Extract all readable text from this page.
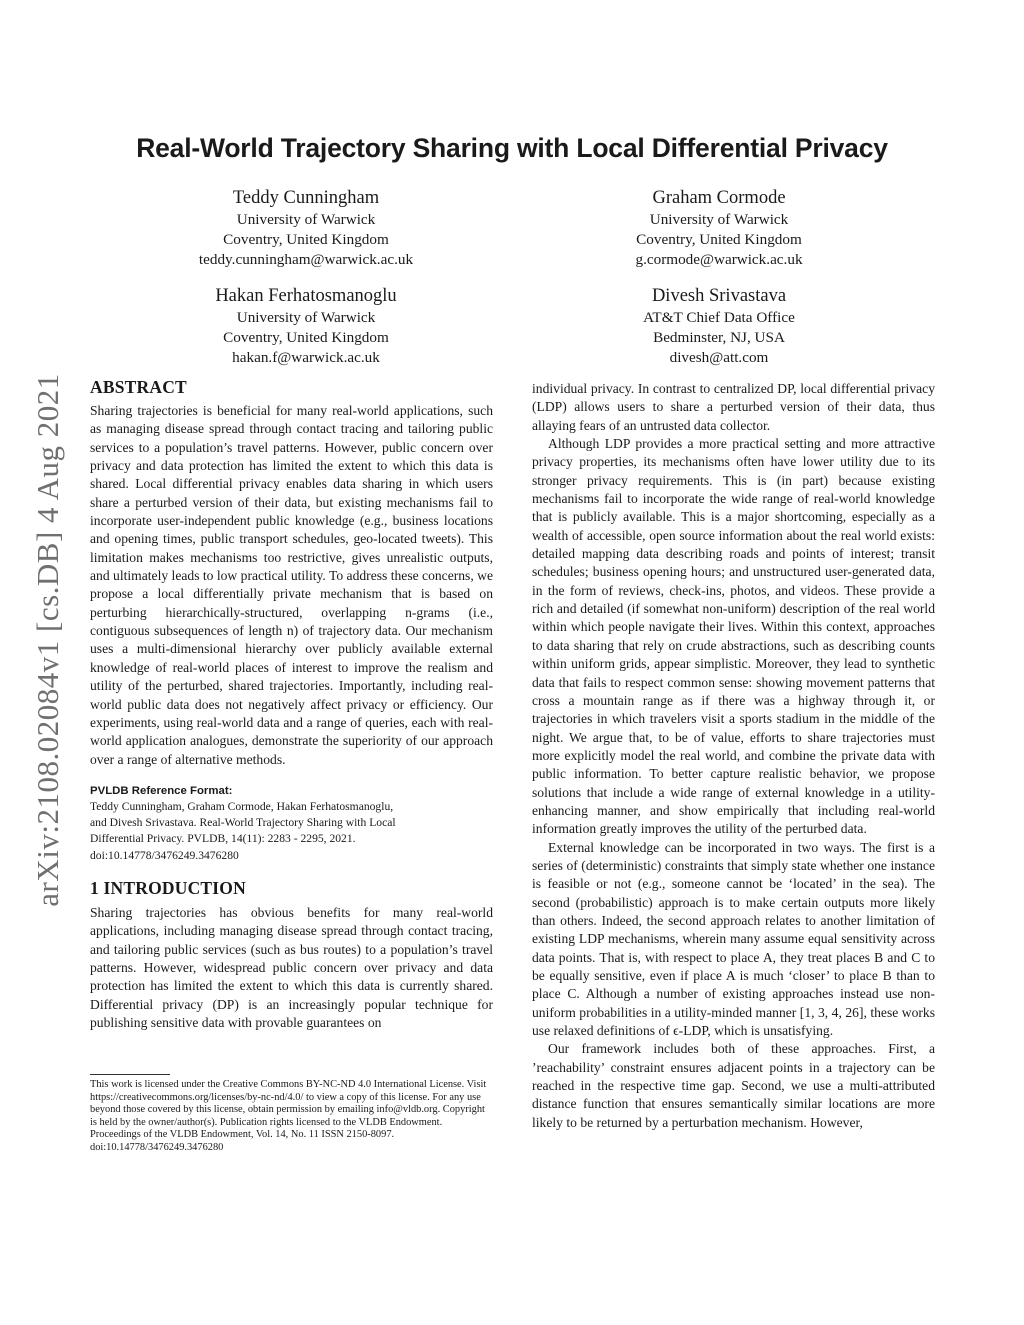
arXiv:2108.02084v1 [cs.DB] 4 Aug 2021
Real-World Trajectory Sharing with Local Differential Privacy
Teddy Cunningham
University of Warwick
Coventry, United Kingdom
teddy.cunningham@warwick.ac.uk
Graham Cormode
University of Warwick
Coventry, United Kingdom
g.cormode@warwick.ac.uk
Hakan Ferhatosmanoglu
University of Warwick
Coventry, United Kingdom
hakan.f@warwick.ac.uk
Divesh Srivastava
AT&T Chief Data Office
Bedminster, NJ, USA
divesh@att.com
ABSTRACT

Sharing trajectories is beneficial for many real-world applications, such as managing disease spread through contact tracing and tailoring public services to a population’s travel patterns. However, public concern over privacy and data protection has limited the extent to which this data is shared. Local differential privacy enables data sharing in which users share a perturbed version of their data, but existing mechanisms fail to incorporate user-independent public knowledge (e.g., business locations and opening times, public transport schedules, geo-located tweets). This limitation makes mechanisms too restrictive, gives unrealistic outputs, and ultimately leads to low practical utility. To address these concerns, we propose a local differentially private mechanism that is based on perturbing hierarchically-structured, overlapping n-grams (i.e., contiguous subsequences of length n) of trajectory data. Our mechanism uses a multi-dimensional hierarchy over publicly available external knowledge of real-world places of interest to improve the realism and utility of the perturbed, shared trajectories. Importantly, including real-world public data does not negatively affect privacy or efficiency. Our experiments, using real-world data and a range of queries, each with real-world application analogues, demonstrate the superiority of our approach over a range of alternative methods.

PVLDB Reference Format:
Teddy Cunningham, Graham Cormode, Hakan Ferhatosmanoglu,
and Divesh Srivastava. Real-World Trajectory Sharing with Local
Differential Privacy. PVLDB, 14(11): 2283 - 2295, 2021.
doi:10.14778/3476249.3476280
1 INTRODUCTION

Sharing trajectories has obvious benefits for many real-world applications, including managing disease spread through contact tracing, and tailoring public services (such as bus routes) to a population’s travel patterns. However, widespread public concern over privacy and data protection has limited the extent to which this data is currently shared. Differential privacy (DP) is an increasingly popular technique for publishing sensitive data with provable guarantees on

This work is licensed under the Creative Commons BY-NC-ND 4.0 International License. Visit https://creativecommons.org/licenses/by-nc-nd/4.0/ to view a copy of this license. For any use beyond those covered by this license, obtain permission by emailing info@vldb.org. Copyright is held by the owner/author(s). Publication rights licensed to the VLDB Endowment.

Proceedings of the VLDB Endowment, Vol. 14, No. 11 ISSN 2150-8097.

doi:10.14778/3476249.3476280

individual privacy. In contrast to centralized DP, local differential privacy (LDP) allows users to share a perturbed version of their data, thus allaying fears of an untrusted data collector.

Although LDP provides a more practical setting and more attractive privacy properties, its mechanisms often have lower utility due to its stronger privacy requirements. This is (in part) because existing mechanisms fail to incorporate the wide range of real-world knowledge that is publicly available. This is a major shortcoming, especially as a wealth of accessible, open source information about the real world exists: detailed mapping data describing roads and points of interest; transit schedules; business opening hours; and unstructured user-generated data, in the form of reviews, check-ins, photos, and videos. These provide a rich and detailed (if somewhat non-uniform) description of the real world within which people navigate their lives. Within this context, approaches to data sharing that rely on crude abstractions, such as describing counts within uniform grids, appear simplistic. Moreover, they lead to synthetic data that fails to respect common sense: showing movement patterns that cross a mountain range as if there was a highway through it, or trajectories in which travelers visit a sports stadium in the middle of the night. We argue that, to be of value, efforts to share trajectories must more explicitly model the real world, and combine the private data with public information. To better capture realistic behavior, we propose solutions that include a wide range of external knowledge in a utility-enhancing manner, and show empirically that including real-world information greatly improves the utility of the perturbed data.

External knowledge can be incorporated in two ways. The first is a series of (deterministic) constraints that simply state whether one instance is feasible or not (e.g., someone cannot be ‘located’ in the sea). The second (probabilistic) approach is to make certain outputs more likely than others. Indeed, the second approach relates to another limitation of existing LDP mechanisms, wherein many assume equal sensitivity across data points. That is, with respect to place A, they treat places B and C to be equally sensitive, even if place A is much ‘closer’ to place B than to place C. Although a number of existing approaches instead use non-uniform probabilities in a utility-minded manner [1, 3, 4, 26], these works use relaxed definitions of ϵ-LDP, which is unsatisfying.

Our framework includes both of these approaches. First, a ’reachability’ constraint ensures adjacent points in a trajectory can be reached in the respective time gap. Second, we use a multi-attributed distance function that ensures semantically similar locations are more likely to be returned by a perturbation mechanism. However,
